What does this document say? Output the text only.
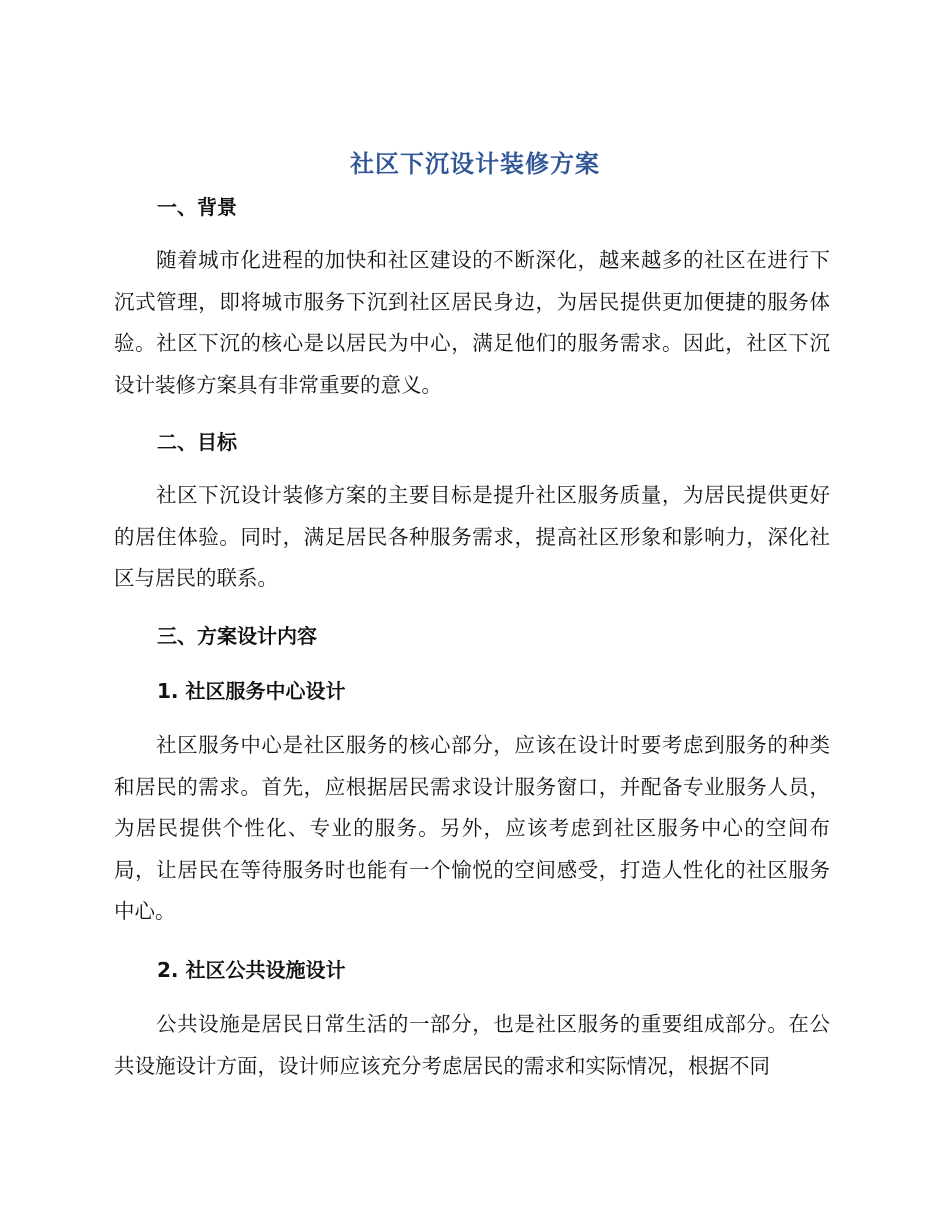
社区下沉设计装修方案
一、背景
随着城市化进程的加快和社区建设的不断深化，越来越多的社区在进行下沉式管理，即将城市服务下沉到社区居民身边，为居民提供更加便捷的服务体验。社区下沉的核心是以居民为中心，满足他们的服务需求。因此，社区下沉设计装修方案具有非常重要的意义。
二、目标
社区下沉设计装修方案的主要目标是提升社区服务质量，为居民提供更好的居住体验。同时，满足居民各种服务需求，提高社区形象和影响力，深化社区与居民的联系。
三、方案设计内容
1. 社区服务中心设计
社区服务中心是社区服务的核心部分，应该在设计时要考虑到服务的种类和居民的需求。首先，应根据居民需求设计服务窗口，并配备专业服务人员，为居民提供个性化、专业的服务。另外，应该考虑到社区服务中心的空间布局，让居民在等待服务时也能有一个愉悦的空间感受，打造人性化的社区服务中心。
2. 社区公共设施设计
公共设施是居民日常生活的一部分，也是社区服务的重要组成部分。在公共设施设计方面，设计师应该充分考虑居民的需求和实际情况，根据不同
